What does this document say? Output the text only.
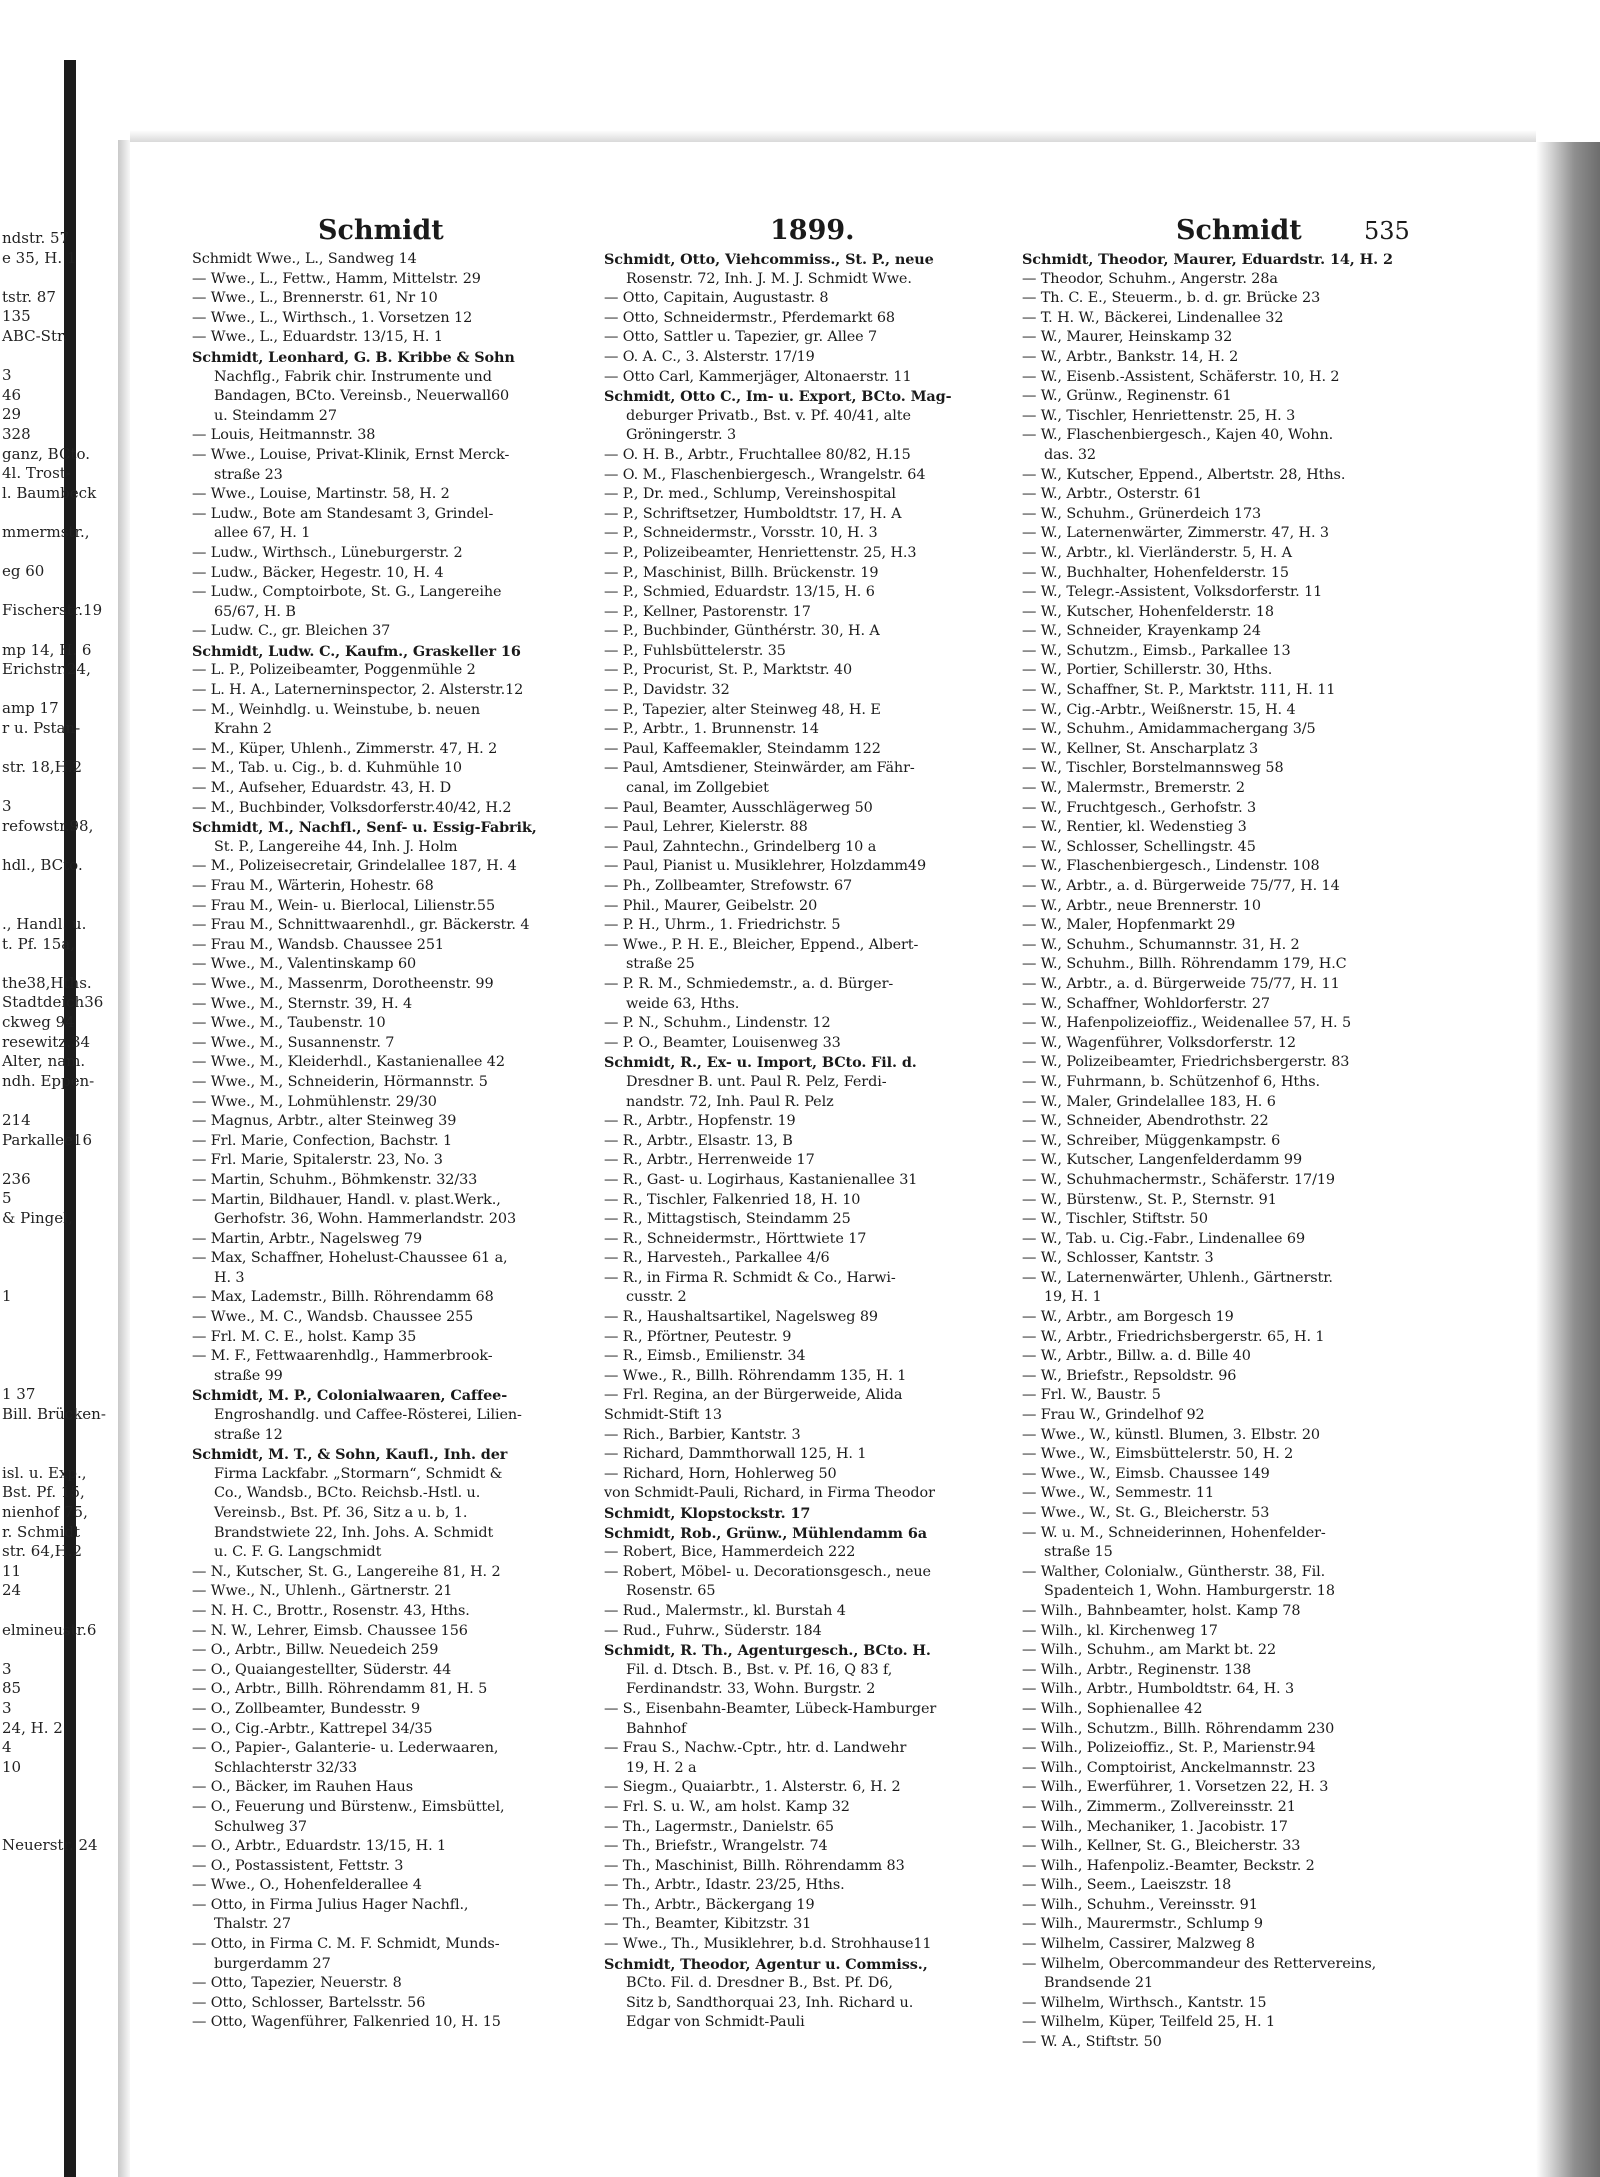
ndstr. 57
e 35, H. 1
tstr. 87
135
ABC-Str.
3
46
29
328
ganz, BCto.
4l. Trost-
l. Baumbeck
mmermstr.,
eg 60
Fischerstr.19
mp 14, H. 6
Erichstr.24,
amp 17
r u. Pstan-
str. 18,H.2
3
refowstr.98,
hdl., BCto.
., Handl. u.
t. Pf. 15a,
the38,Hths.
Stadtdeich36
ckweg 94
resewitz.34
Alter, nam.
ndh. Eppen-
214
Parkallee16
236
5
& Pingel,
1
1 37
Bill. Brücken-
isl. u. Exp.,
Bst. Pf. 15,
nienhof 75,
r. Schmidt
str. 64,H.2
11
24
elmineustr.6
3
85
3
24, H. 2
4
10
Neuerstr. 24
Schmidt	1899.	Schmidt	535
Schmidt Wwe., L., Sandweg 14
— Wwe., L., Fettw., Hamm, Mittelstr. 29
— Wwe., L., Brennerstr. 61, Nr 10
— Wwe., L., Wirthsch., 1. Vorsetzen 12
— Wwe., L., Eduardstr. 13/15, H. 1
Schmidt, Leonhard, G. B. Kribbe & Sohn
Nachflg., Fabrik chir. Instrumente und
Bandagen, BCto. Vereinsb., Neuerwall60
u. Steindamm 27
— Louis, Heitmannstr. 38
— Wwe., Louise, Privat-Klinik, Ernst Merck-
straße 23
— Wwe., Louise, Martinstr. 58, H. 2
— Ludw., Bote am Standesamt 3, Grindel-
allee 67, H. 1
— Ludw., Wirthsch., Lüneburgerstr. 2
— Ludw., Bäcker, Hegestr. 10, H. 4
— Ludw., Comptoirbote, St. G., Langereihe
65/67, H. B
— Ludw. C., gr. Bleichen 37
Schmidt, Ludw. C., Kaufm., Graskeller 16
— L. P., Polizeibeamter, Poggenmühle 2
— L. H. A., Laternerninspector, 2. Alsterstr.12
— M., Weinhdlg. u. Weinstube, b. neuen
Krahn 2
— M., Küper, Uhlenh., Zimmerstr. 47, H. 2
— M., Tab. u. Cig., b. d. Kuhmühle 10
— M., Aufseher, Eduardstr. 43, H. D
— M., Buchbinder, Volksdorferstr.40/42, H.2
Schmidt, M., Nachfl., Senf- u. Essig-Fabrik,
St. P., Langereihe 44, Inh. J. Holm
— M., Polizeisecretair, Grindelallee 187, H. 4
— Frau M., Wärterin, Hohestr. 68
— Frau M., Wein- u. Bierlocal, Lilienstr.55
— Frau M., Schnittwaarenhdl., gr. Bäckerstr. 4
— Frau M., Wandsb. Chaussee 251
— Wwe., M., Valentinskamp 60
— Wwe., M., Massenrm, Dorotheenstr. 99
— Wwe., M., Sternstr. 39, H. 4
— Wwe., M., Taubenstr. 10
— Wwe., M., Susannenstr. 7
— Wwe., M., Kleiderhdl., Kastanienallee 42
— Wwe., M., Schneiderin, Hörmannstr. 5
— Wwe., M., Lohmühlenstr. 29/30
— Magnus, Arbtr., alter Steinweg 39
— Frl. Marie, Confection, Bachstr. 1
— Frl. Marie, Spitalerstr. 23, No. 3
— Martin, Schuhm., Böhmkenstr. 32/33
— Martin, Bildhauer, Handl. v. plast.Werk.,
Gerhofstr. 36, Wohn. Hammerlandstr. 203
— Martin, Arbtr., Nagelsweg 79
— Max, Schaffner, Hohelust-Chaussee 61 a,
H. 3
— Max, Lademstr., Billh. Röhrendamm 68
— Wwe., M. C., Wandsb. Chaussee 255
— Frl. M. C. E., holst. Kamp 35
— M. F., Fettwaarenhdlg., Hammerbrook-
straße 99
Schmidt, M. P., Colonialwaaren, Caffee-
Engroshandlg. und Caffee-Rösterei, Lilien-
straße 12
Schmidt, M. T., & Sohn, Kaufl., Inh. der
Firma Lackfabr. „Stormarn“, Schmidt &
Co., Wandsb., BCto. Reichsb.-Hstl. u.
Vereinsb., Bst. Pf. 36, Sitz a u. b, 1.
Brandstwiete 22, Inh. Johs. A. Schmidt
u. C. F. G. Langschmidt
— N., Kutscher, St. G., Langereihe 81, H. 2
— Wwe., N., Uhlenh., Gärtnerstr. 21
— N. H. C., Brottr., Rosenstr. 43, Hths.
— N. W., Lehrer, Eimsb. Chaussee 156
— O., Arbtr., Billw. Neuedeich 259
— O., Quaiangestellter, Süderstr. 44
— O., Arbtr., Billh. Röhrendamm 81, H. 5
— O., Zollbeamter, Bundesstr. 9
— O., Cig.-Arbtr., Kattrepel 34/35
— O., Papier-, Galanterie- u. Lederwaaren,
Schlachterstr 32/33
— O., Bäcker, im Rauhen Haus
— O., Feuerung und Bürstenw., Eimsbüttel,
Schulweg 37
— O., Arbtr., Eduardstr. 13/15, H. 1
— O., Postassistent, Fettstr. 3
— Wwe., O., Hohenfelderallee 4
— Otto, in Firma Julius Hager Nachfl.,
Thalstr. 27
— Otto, in Firma C. M. F. Schmidt, Munds-
burgerdamm 27
— Otto, Tapezier, Neuerstr. 8
— Otto, Schlosser, Bartelsstr. 56
— Otto, Wagenführer, Falkenried 10, H. 15
Schmidt, Otto, Viehcommiss., St. P., neue
Rosenstr. 72, Inh. J. M. J. Schmidt Wwe.
— Otto, Capitain, Augustastr. 8
— Otto, Schneidermstr., Pferdemarkt 68
— Otto, Sattler u. Tapezier, gr. Allee 7
— O. A. C., 3. Alsterstr. 17/19
— Otto Carl, Kammerjäger, Altonaerstr. 11
Schmidt, Otto C., Im- u. Export, BCto. Mag-
deburger Privatb., Bst. v. Pf. 40/41, alte
Gröningerstr. 3
— O. H. B., Arbtr., Fruchtallee 80/82, H.15
— O. M., Flaschenbiergesch., Wrangelstr. 64
— P., Dr. med., Schlump, Vereinshospital
— P., Schriftsetzer, Humboldtstr. 17, H. A
— P., Schneidermstr., Vorsstr. 10, H. 3
— P., Polizeibeamter, Henriettenstr. 25, H.3
— P., Maschinist, Billh. Brückenstr. 19
— P., Schmied, Eduardstr. 13/15, H. 6
— P., Kellner, Pastorenstr. 17
— P., Buchbinder, Günthérstr. 30, H. A
— P., Fuhlsbüttelerstr. 35
— P., Procurist, St. P., Marktstr. 40
— P., Davidstr. 32
— P., Tapezier, alter Steinweg 48, H. E
— P., Arbtr., 1. Brunnenstr. 14
— Paul, Kaffeemakler, Steindamm 122
— Paul, Amtsdiener, Steinwärder, am Fähr-
canal, im Zollgebiet
— Paul, Beamter, Ausschlägerweg 50
— Paul, Lehrer, Kielerstr. 88
— Paul, Zahntechn., Grindelberg 10 a
— Paul, Pianist u. Musiklehrer, Holzdamm49
— Ph., Zollbeamter, Strefowstr. 67
— Phil., Maurer, Geibelstr. 20
— P. H., Uhrm., 1. Friedrichstr. 5
— Wwe., P. H. E., Bleicher, Eppend., Albert-
straße 25
— P. R. M., Schmiedemstr., a. d. Bürger-
weide 63, Hths.
— P. N., Schuhm., Lindenstr. 12
— P. O., Beamter, Louisenweg 33
Schmidt, R., Ex- u. Import, BCto. Fil. d.
Dresdner B. unt. Paul R. Pelz, Ferdi-
nandstr. 72, Inh. Paul R. Pelz
— R., Arbtr., Hopfenstr. 19
— R., Arbtr., Elsastr. 13, B
— R., Arbtr., Herrenweide 17
— R., Gast- u. Logirhaus, Kastanienallee 31
— R., Tischler, Falkenried 18, H. 10
— R., Mittagstisch, Steindamm 25
— R., Schneidermstr., Hörttwiete 17
— R., Harvesteh., Parkallee 4/6
— R., in Firma R. Schmidt & Co., Harwi-
cusstr. 2
— R., Haushaltsartikel, Nagelsweg 89
— R., Pförtner, Peutestr. 9
— R., Eimsb., Emilienstr. 34
— Wwe., R., Billh. Röhrendamm 135, H. 1
— Frl. Regina, an der Bürgerweide, Alida
Schmidt-Stift 13
— Rich., Barbier, Kantstr. 3
— Richard, Dammthorwall 125, H. 1
— Richard, Horn, Hohlerweg 50
von Schmidt-Pauli, Richard, in Firma Theodor
Schmidt, Klopstockstr. 17
Schmidt, Rob., Grünw., Mühlendamm 6a
— Robert, Bice, Hammerdeich 222
— Robert, Möbel- u. Decorationsgesch., neue
Rosenstr. 65
— Rud., Malermstr., kl. Burstah 4
— Rud., Fuhrw., Süderstr. 184
Schmidt, R. Th., Agenturgesch., BCto. H.
Fil. d. Dtsch. B., Bst. v. Pf. 16, Q 83 f,
Ferdinandstr. 33, Wohn. Burgstr. 2
— S., Eisenbahn-Beamter, Lübeck-Hamburger
Bahnhof
— Frau S., Nachw.-Cptr., htr. d. Landwehr
19, H. 2 a
— Siegm., Quaiarbtr., 1. Alsterstr. 6, H. 2
— Frl. S. u. W., am holst. Kamp 32
— Th., Lagermstr., Danielstr. 65
— Th., Briefstr., Wrangelstr. 74
— Th., Maschinist, Billh. Röhrendamm 83
— Th., Arbtr., Idastr. 23/25, Hths.
— Th., Arbtr., Bäckergang 19
— Th., Beamter, Kibitzstr. 31
— Wwe., Th., Musiklehrer, b.d. Strohhause11
Schmidt, Theodor, Agentur u. Commiss.,
BCto. Fil. d. Dresdner B., Bst. Pf. D6,
Sitz b, Sandthorquai 23, Inh. Richard u.
Edgar von Schmidt-Pauli
Schmidt, Theodor, Maurer, Eduardstr. 14, H. 2
— Theodor, Schuhm., Angerstr. 28a
— Th. C. E., Steuerm., b. d. gr. Brücke 23
— T. H. W., Bäckerei, Lindenallee 32
— W., Maurer, Heinskamp 32
— W., Arbtr., Bankstr. 14, H. 2
— W., Eisenb.-Assistent, Schäferstr. 10, H. 2
— W., Grünw., Reginenstr. 61
— W., Tischler, Henriettenstr. 25, H. 3
— W., Flaschenbiergesch., Kajen 40, Wohn.
das. 32
— W., Kutscher, Eppend., Albertstr. 28, Hths.
— W., Arbtr., Osterstr. 61
— W., Schuhm., Grünerdeich 173
— W., Laternenwärter, Zimmerstr. 47, H. 3
— W., Arbtr., kl. Vierländerstr. 5, H. A
— W., Buchhalter, Hohenfelderstr. 15
— W., Telegr.-Assistent, Volksdorferstr. 11
— W., Kutscher, Hohenfelderstr. 18
— W., Schneider, Krayenkamp 24
— W., Schutzm., Eimsb., Parkallee 13
— W., Portier, Schillerstr. 30, Hths.
— W., Schaffner, St. P., Marktstr. 111, H. 11
— W., Cig.-Arbtr., Weißnerstr. 15, H. 4
— W., Schuhm., Amidammachergang 3/5
— W., Kellner, St. Anscharplatz 3
— W., Tischler, Borstelmannsweg 58
— W., Malermstr., Bremerstr. 2
— W., Fruchtgesch., Gerhofstr. 3
— W., Rentier, kl. Wedenstieg 3
— W., Schlosser, Schellingstr. 45
— W., Flaschenbiergesch., Lindenstr. 108
— W., Arbtr., a. d. Bürgerweide 75/77, H. 14
— W., Arbtr., neue Brennerstr. 10
— W., Maler, Hopfenmarkt 29
— W., Schuhm., Schumannstr. 31, H. 2
— W., Schuhm., Billh. Röhrendamm 179, H.C
— W., Arbtr., a. d. Bürgerweide 75/77, H. 11
— W., Schaffner, Wohldorferstr. 27
— W., Hafenpolizeioffiz., Weidenallee 57, H. 5
— W., Wagenführer, Volksdorferstr. 12
— W., Polizeibeamter, Friedrichsbergerstr. 83
— W., Fuhrmann, b. Schützenhof 6, Hths.
— W., Maler, Grindelallee 183, H. 6
— W., Schneider, Abendrothstr. 22
— W., Schreiber, Müggenkampstr. 6
— W., Kutscher, Langenfelderdamm 99
— W., Schuhmachermstr., Schäferstr. 17/19
— W., Bürstenw., St. P., Sternstr. 91
— W., Tischler, Stiftstr. 50
— W., Tab. u. Cig.-Fabr., Lindenallee 69
— W., Schlosser, Kantstr. 3
— W., Laternenwärter, Uhlenh., Gärtnerstr.
19, H. 1
— W., Arbtr., am Borgesch 19
— W., Arbtr., Friedrichsbergerstr. 65, H. 1
— W., Arbtr., Billw. a. d. Bille 40
— W., Briefstr., Repsoldstr. 96
— Frl. W., Baustr. 5
— Frau W., Grindelhof 92
— Wwe., W., künstl. Blumen, 3. Elbstr. 20
— Wwe., W., Eimsbüttelerstr. 50, H. 2
— Wwe., W., Eimsb. Chaussee 149
— Wwe., W., Semmestr. 11
— Wwe., W., St. G., Bleicherstr. 53
— W. u. M., Schneiderinnen, Hohenfelder-
straße 15
— Walther, Colonialw., Güntherstr. 38, Fil.
Spadenteich 1, Wohn. Hamburgerstr. 18
— Wilh., Bahnbeamter, holst. Kamp 78
— Wilh., kl. Kirchenweg 17
— Wilh., Schuhm., am Markt bt. 22
— Wilh., Arbtr., Reginenstr. 138
— Wilh., Arbtr., Humboldtstr. 64, H. 3
— Wilh., Sophienallee 42
— Wilh., Schutzm., Billh. Röhrendamm 230
— Wilh., Polizeioffiz., St. P., Marienstr.94
— Wilh., Comptoirist, Anckelmannstr. 23
— Wilh., Ewerführer, 1. Vorsetzen 22, H. 3
— Wilh., Zimmerm., Zollvereinsstr. 21
— Wilh., Mechaniker, 1. Jacobistr. 17
— Wilh., Kellner, St. G., Bleicherstr. 33
— Wilh., Hafenpoliz.-Beamter, Beckstr. 2
— Wilh., Seem., Laeiszstr. 18
— Wilh., Schuhm., Vereinsstr. 91
— Wilh., Maurermstr., Schlump 9
— Wilhelm, Cassirer, Malzweg 8
— Wilhelm, Obercommandeur des Rettervereins,
Brandsende 21
— Wilhelm, Wirthsch., Kantstr. 15
— Wilhelm, Küper, Teilfeld 25, H. 1
— W. A., Stiftstr. 50
